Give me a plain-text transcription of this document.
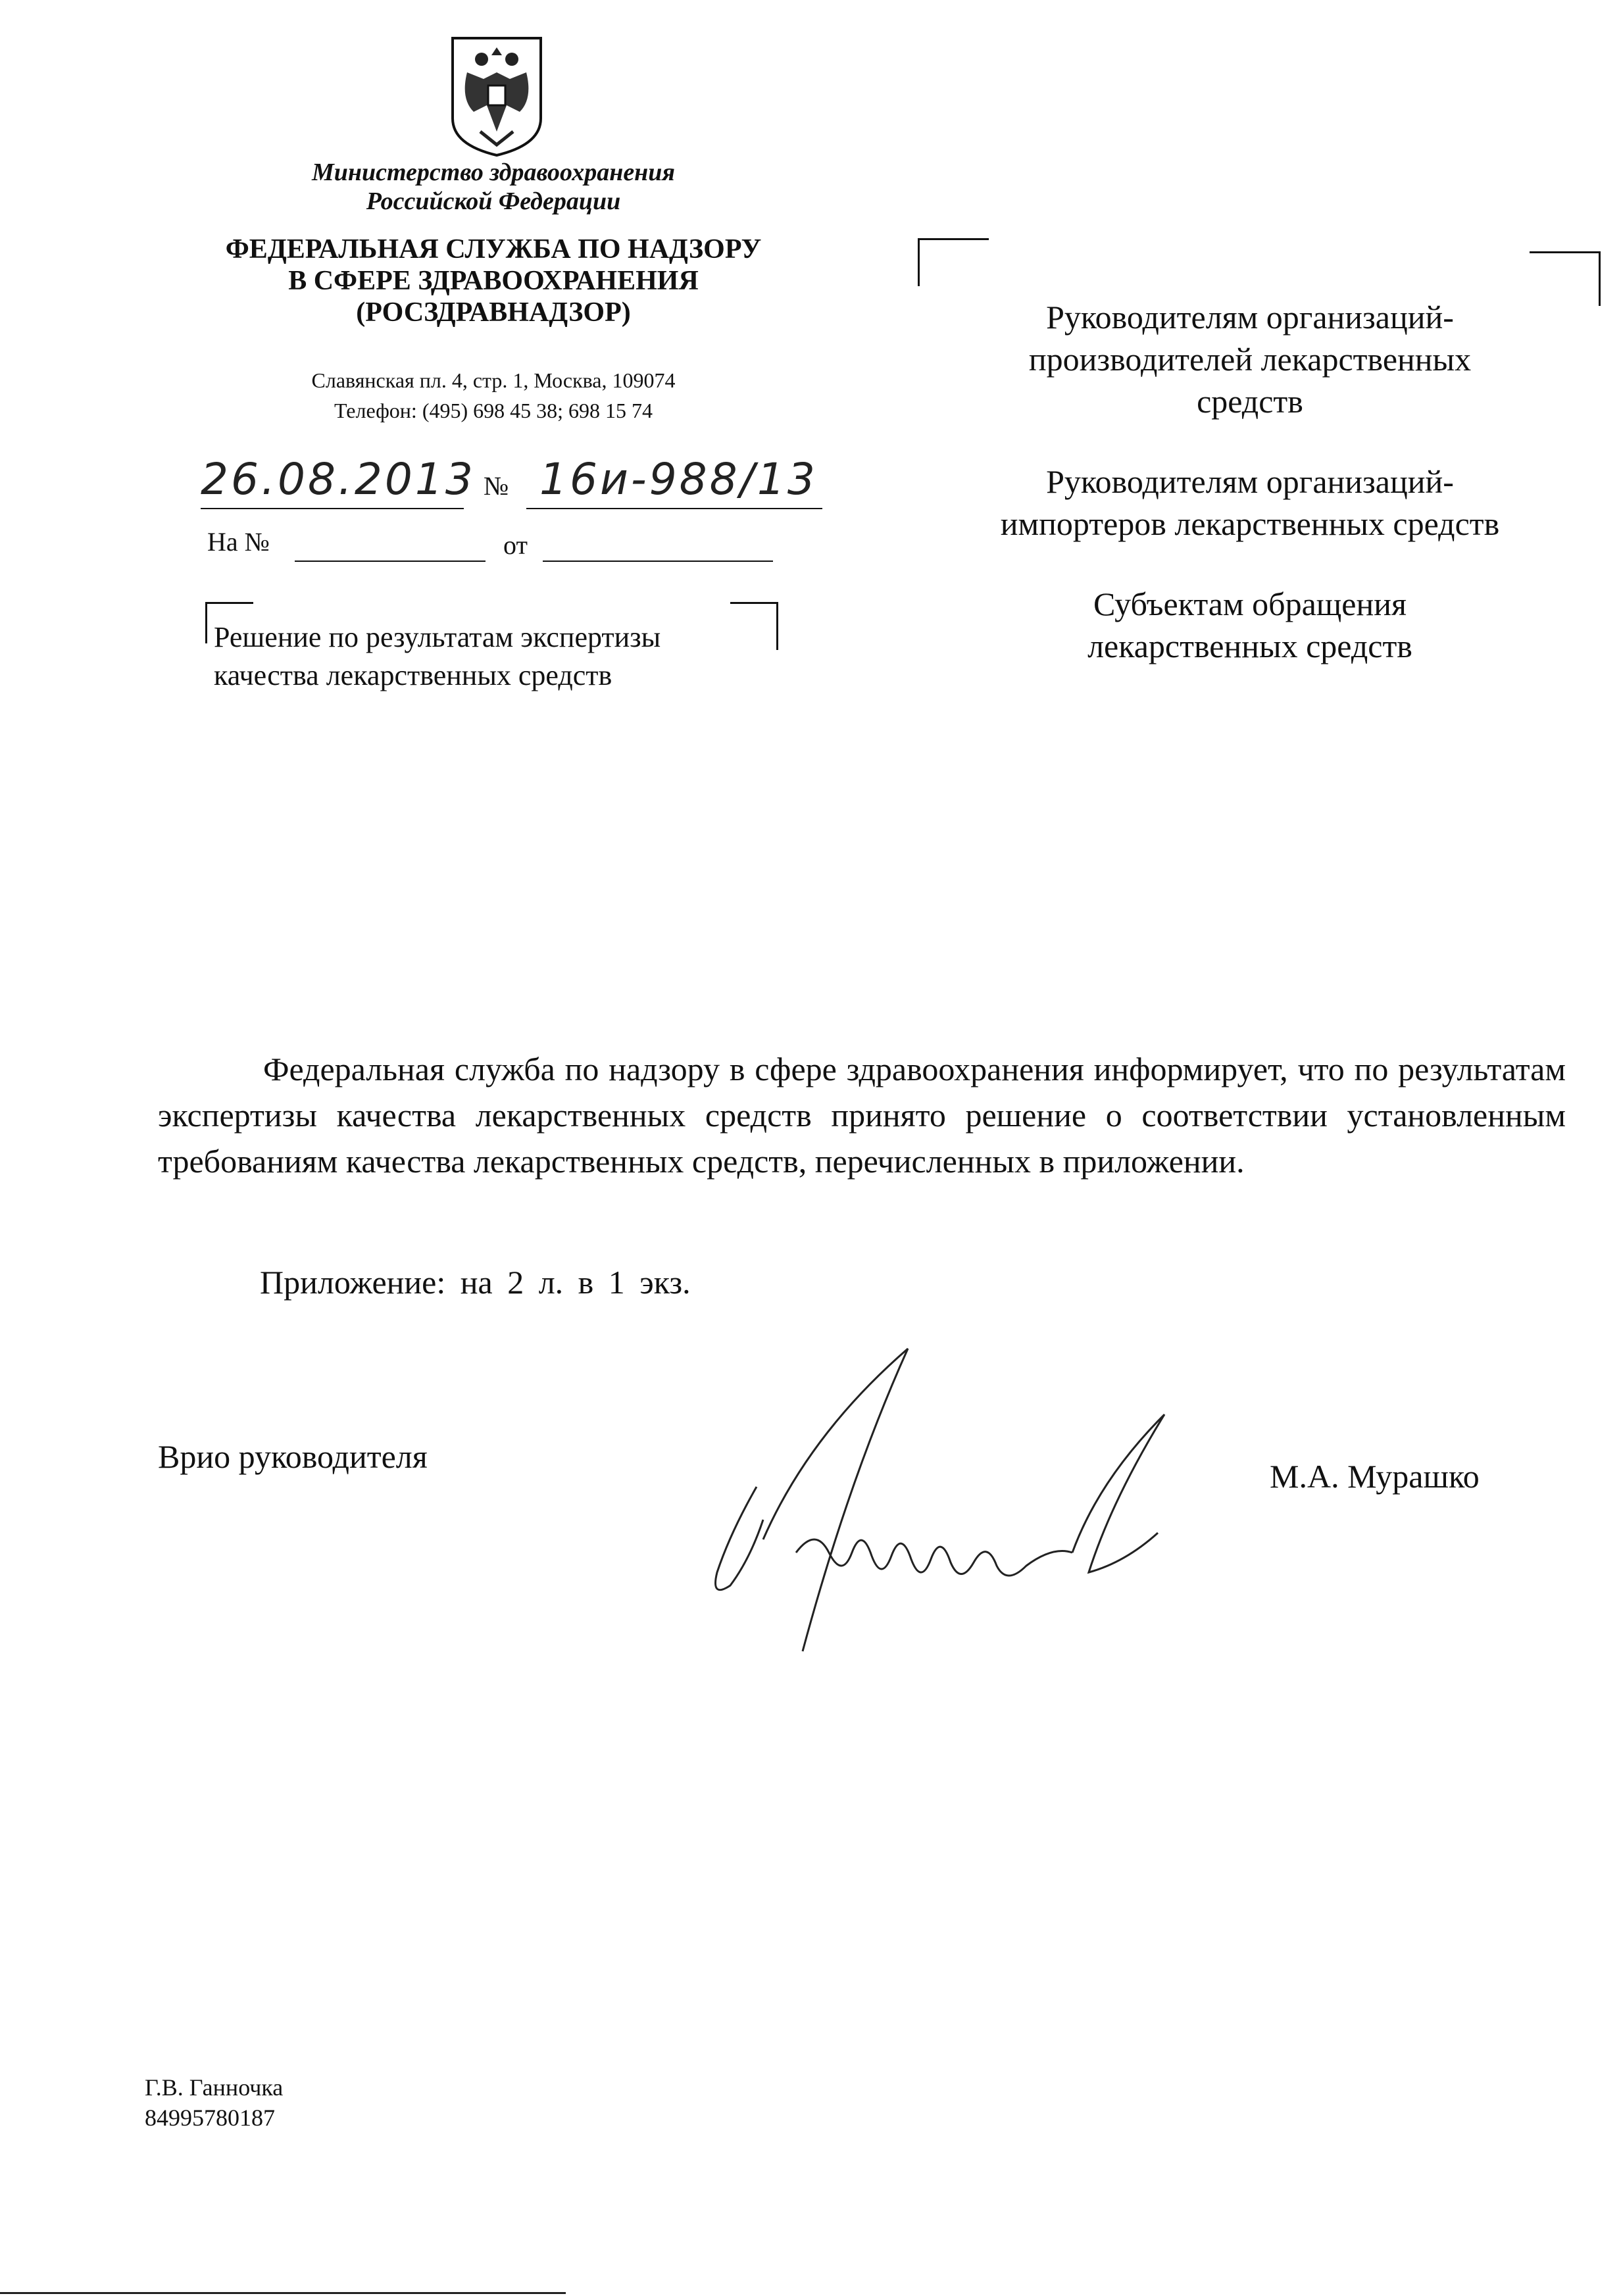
Министерство здравоохранения
Российской Федерации
ФЕДЕРАЛЬНАЯ СЛУЖБА ПО НАДЗОРУ
В СФЕРЕ ЗДРАВООХРАНЕНИЯ
(РОСЗДРАВНАДЗОР)
Славянская пл. 4, стр. 1, Москва, 109074
Телефон: (495) 698 45 38; 698 15 74
26.08.2013 № 16и-988/13
На №	от
Решение по результатам экспертизы
качества лекарственных средств

Руководителям организаций-
производителей лекарственных
средств

Руководителям организаций-
импортеров лекарственных средств

Субъектам обращения
лекарственных средств

Федеральная служба по надзору в сфере здравоохранения информирует, что по результатам экспертизы качества лекарственных средств принято решение о соответствии установленным требованиям качества лекарственных средств, перечисленных в приложении.
Приложение: на 2 л. в 1 экз.
Врио руководителя
М.А. Мурашко
Г.В. Ганночка
84995780187
